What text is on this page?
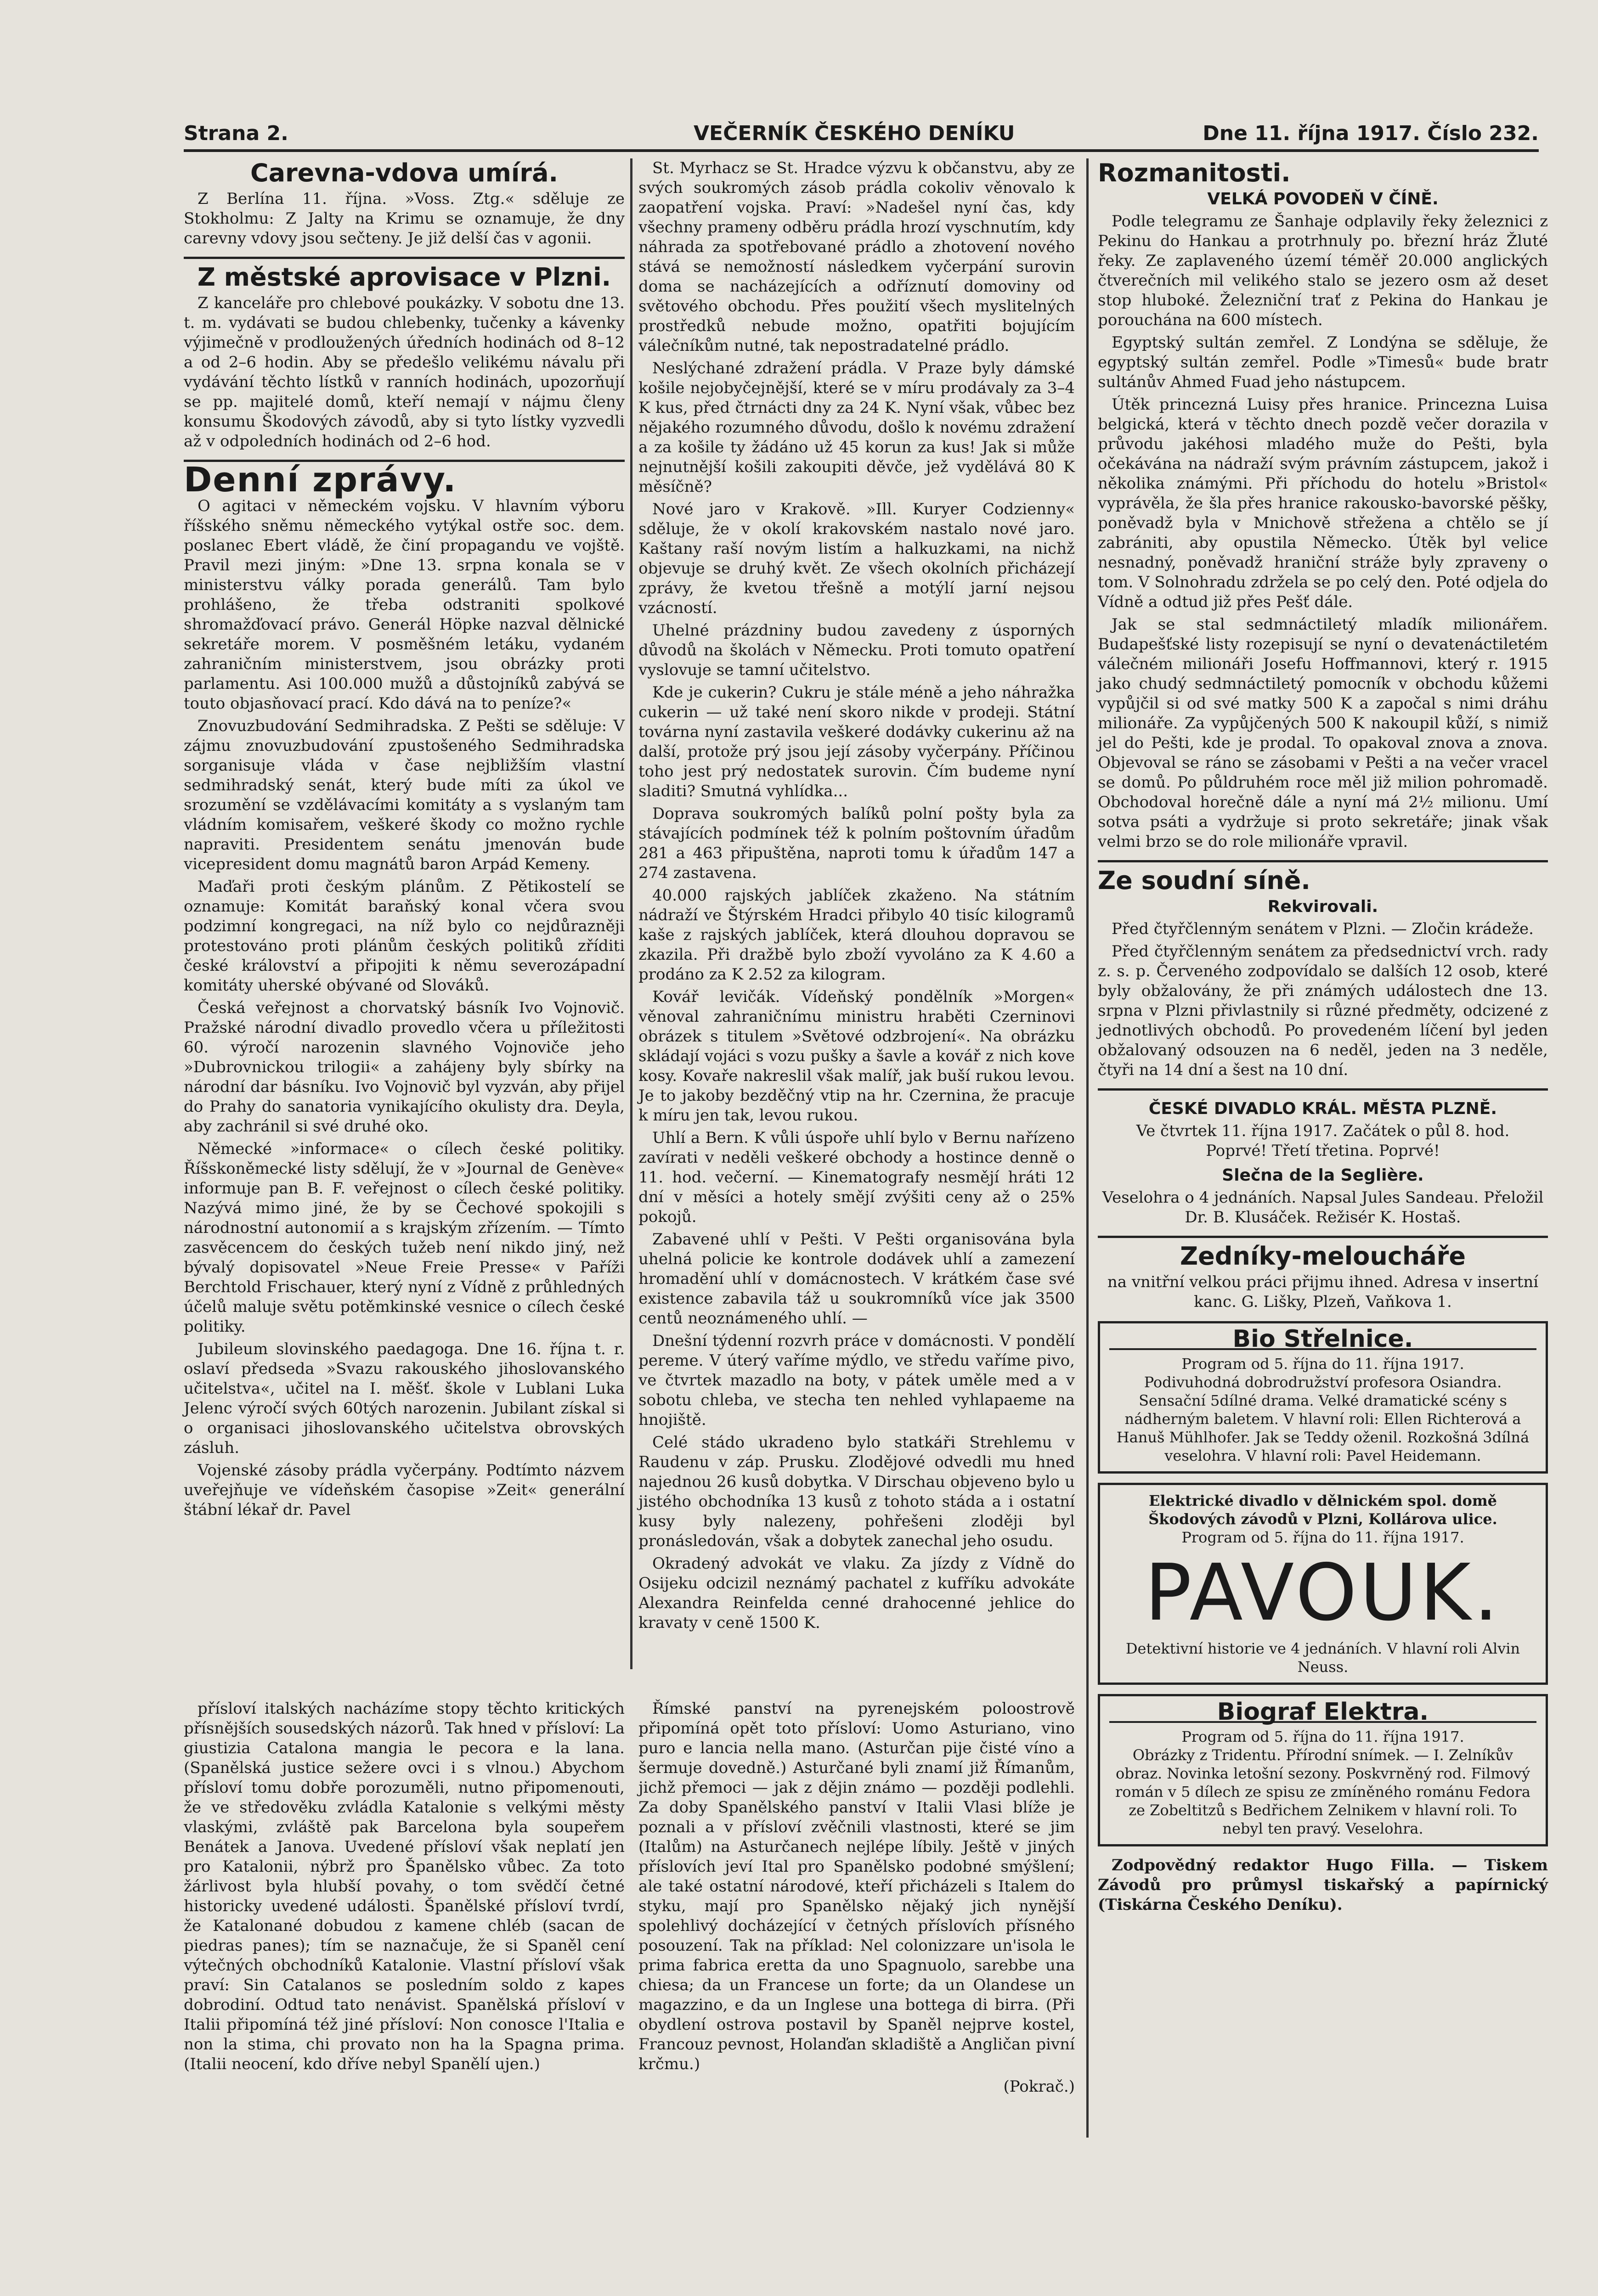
Strana 2.	VEČERNÍK ČESKÉHO DENÍKU	Dne 11. října 1917. Číslo 232.
Carevna-vdova umírá.

Z Berlína 11. října. »Voss. Ztg.« sděluje ze Stokholmu: Z Jalty na Krimu se oznamuje, že dny carevny vdovy jsou sečteny. Je již delší čas v agonii.

Z městské aprovisace v Plzni.

Z kanceláře pro chlebové poukázky. V sobotu dne 13. t. m. vydávati se budou chlebenky, tučenky a kávenky výjimečně v prodloužených úředních hodinách od 8–12 a od 2–6 hodin. Aby se předešlo velikému návalu při vydávání těchto lístků v ranních hodinách, upozorňují se pp. majitelé domů, kteří nemají v nájmu členy konsumu Škodových závodů, aby si tyto lístky vyzvedli až v odpoledních hodinách od 2–6 hod.

Denní zprávy.

O agitaci v německém vojsku. V hlavním výboru říšského sněmu německého vytýkal ostře soc. dem. poslanec Ebert vládě, že činí propagandu ve vojště. Pravil mezi jiným: »Dne 13. srpna konala se v ministerstvu války porada generálů. Tam bylo prohlášeno, že třeba odstraniti spolkové shromažďovací právo. Generál Höpke nazval dělnické sekretáře morem. V posměšném letáku, vydaném zahraničním ministerstvem, jsou obrázky proti parlamentu. Asi 100.000 mužů a důstojníků zabývá se touto objasňovací prací. Kdo dává na to peníze?«

Znovuzbudování Sedmihradska. Z Pešti se sděluje: V zájmu znovuzbudování zpustošeného Sedmihradska sorganisuje vláda v čase nejbližším vlastní sedmihradský senát, který bude míti za úkol ve srozumění se vzdělávacími komitáty a s vyslaným tam vládním komisařem, veškeré škody co možno rychle napraviti. Presidentem senátu jmenován bude vicepresident domu magnátů baron Arpád Kemeny.

Maďaři proti českým plánům. Z Pětikostelí se oznamuje: Komitát baraňský konal včera svou podzimní kongregaci, na níž bylo co nejdůrazněji protestováno proti plánům českých politiků zříditi české království a připojiti k němu severozápadní komitáty uherské obývané od Slováků.

Česká veřejnost a chorvatský básník Ivo Vojnovič. Pražské národní divadlo provedlo včera u příležitosti 60. výročí narozenin slavného Vojnoviče jeho »Dubrovnickou trilogii« a zahájeny byly sbírky na národní dar básníku. Ivo Vojnovič byl vyzván, aby přijel do Prahy do sanatoria vynikajícího okulisty dra. Deyla, aby zachránil si své druhé oko.

Německé »informace« o cílech české politiky. Říšskoněmecké listy sdělují, že v »Journal de Genève« informuje pan B. F. veřejnost o cílech české politiky. Nazývá mimo jiné, že by se Čechové spokojili s národnostní autonomií a s krajským zřízením. — Tímto zasvěcencem do českých tužeb není nikdo jiný, než bývalý dopisovatel »Neue Freie Presse« v Paříži Berchtold Frischauer, který nyní z Vídně z průhledných účelů maluje světu potěmkinské vesnice o cílech české politiky.

Jubileum slovinského paedagoga. Dne 16. října t. r. oslaví předseda »Svazu rakouského jihoslovanského učitelstva«, učitel na I. měšť. škole v Lublani Luka Jelenc výročí svých 60tých narozenin. Jubilant získal si o organisaci jihoslovanského učitelstva obrovských zásluh.

Vojenské zásoby prádla vyčerpány. Podtímto názvem uveřejňuje ve vídeňském časopise »Zeit« generální štábní lékař dr. Pavel

St. Myrhacz se St. Hradce výzvu k občanstvu, aby ze svých soukromých zásob prádla cokoliv věnovalo k zaopatření vojska. Praví: »Nadešel nyní čas, kdy všechny prameny odběru prádla hrozí vyschnutím, kdy náhrada za spotřebované prádlo a zhotovení nového stává se nemožností následkem vyčerpání surovin doma se nacházejících a odříznutí domoviny od světového obchodu. Přes použití všech myslitelných prostředků nebude možno, opatřiti bojujícím válečníkům nutné, tak nepostradatelné prádlo.

Neslýchané zdražení prádla. V Praze byly dámské košile nejobyčejnější, které se v míru prodávaly za 3–4 K kus, před čtrnácti dny za 24 K. Nyní však, vůbec bez nějakého rozumného důvodu, došlo k novému zdražení a za košile ty žádáno už 45 korun za kus! Jak si může nejnutnější košili zakoupiti děvče, jež vydělává 80 K měsíčně?

Nové jaro v Krakově. »Ill. Kuryer Codzienny« sděluje, že v okolí krakovském nastalo nové jaro. Kaštany raší novým listím a halkuzkami, na nichž objevuje se druhý květ. Ze všech okolních přicházejí zprávy, že kvetou třešně a motýlí jarní nejsou vzácností.

Uhelné prázdniny budou zavedeny z úsporných důvodů na školách v Německu. Proti tomuto opatření vyslovuje se tamní učitelstvo.

Kde je cukerin? Cukru je stále méně a jeho náhražka cukerin — už také není skoro nikde v prodeji. Státní továrna nyní zastavila veškeré dodávky cukerinu až na další, protože prý jsou její zásoby vyčerpány. Příčinou toho jest prý nedostatek surovin. Čím budeme nyní sladiti? Smutná vyhlídka...

Doprava soukromých balíků polní pošty byla za stávajících podmínek též k polním poštovním úřadům 281 a 463 připuštěna, naproti tomu k úřadům 147 a 274 zastavena.

40.000 rajských jablíček zkaženo. Na státním nádraží ve Štýrském Hradci přibylo 40 tisíc kilogramů kaše z rajských jablíček, která dlouhou dopravou se zkazila. Při dražbě bylo zboží vyvoláno za K 4.60 a prodáno za K 2.52 za kilogram.

Kovář levičák. Vídeňský pondělník »Morgen« věnoval zahraničnímu ministru hraběti Czerninovi obrázek s titulem »Světové odzbrojení«. Na obrázku skládají vojáci s vozu pušky a šavle a kovář z nich kove kosy. Kovaře nakreslil však malíř, jak buší rukou levou. Je to jakoby bezděčný vtip na hr. Czernina, že pracuje k míru jen tak, levou rukou.

Uhlí a Bern. K vůli úspoře uhlí bylo v Bernu nařízeno zavírati v neděli veškeré obchody a hostince denně o 11. hod. večerní. — Kinematografy nesmějí hráti 12 dní v měsíci a hotely smějí zvýšiti ceny až o 25% pokojů.

Zabavené uhlí v Pešti. V Pešti organisována byla uhelná policie ke kontrole dodávek uhlí a zamezení hromadění uhlí v domácnostech. V krátkém čase své existence zabavila táž u soukromníků více jak 3500 centů neoznámeného uhlí. —

Dnešní týdenní rozvrh práce v domácnosti. V pondělí pereme. V úterý vaříme mýdlo, ve středu vaříme pivo, ve čtvrtek mazadlo na boty, v pátek uměle med a v sobotu chleba, ve stecha ten nehled vyhlapaeme na hnojiště.

Celé stádo ukradeno bylo statkáři Strehlemu v Raudenu v záp. Prusku. Zlodějové odvedli mu hned najednou 26 kusů dobytka. V Dirschau objeveno bylo u jistého obchodníka 13 kusů z tohoto stáda a i ostatní kusy byly nalezeny, pohřešeni zloději byl pronásledován, však a dobytek zanechal jeho osudu.

Okradený advokát ve vlaku. Za jízdy z Vídně do Osijeku odcizil neznámý pachatel z kufříku advokáte Alexandra Reinfelda cenné drahocenné jehlice do kravaty v ceně 1500 K.

Rozmanitosti.
VELKÁ POVODEŇ V ČÍNĚ.

Podle telegramu ze Šanhaje odplavily řeky železnici z Pekinu do Hankau a protrhnuly po. březní hráz Žluté řeky. Ze zaplaveného území téměř 20.000 anglických čtverečních mil velikého stalo se jezero osm až deset stop hluboké. Železniční trať z Pekina do Hankau je porouchána na 600 místech.

Egyptský sultán zemřel. Z Londýna se sděluje, že egyptský sultán zemřel. Podle »Timesů« bude bratr sultánův Ahmed Fuad jeho nástupcem.

Útěk princezná Luisy přes hranice. Princezna Luisa belgická, která v těchto dnech pozdě večer dorazila v průvodu jakéhosi mladého muže do Pešti, byla očekávána na nádraží svým právním zástupcem, jakož i několika známými. Při příchodu do hotelu »Bristol« vyprávěla, že šla přes hranice rakousko-bavorské pěšky, poněvadž byla v Mnichově střežena a chtělo se jí zabrániti, aby opustila Německo. Útěk byl velice nesnadný, poněvadž hraniční stráže byly zpraveny o tom. V Solnohradu zdržela se po celý den. Poté odjela do Vídně a odtud již přes Pešť dále.

Jak se stal sedmnáctiletý mladík milionářem. Budapešťské listy rozepisují se nyní o devatenáctiletém válečném milionáři Josefu Hoffmannovi, který r. 1915 jako chudý sedmnáctiletý pomocník v obchodu kůžemi vypůjčil si od své matky 500 K a započal s nimi dráhu milionáře. Za vypůjčených 500 K nakoupil kůží, s nimiž jel do Pešti, kde je prodal. To opakoval znova a znova. Objevoval se ráno se zásobami v Pešti a na večer vracel se domů. Po půldruhém roce měl již milion pohromadě. Obchodoval horečně dále a nyní má 2½ milionu. Umí sotva psáti a vydržuje si proto sekretáře; jinak však velmi brzo se do role milionáře vpravil.

Ze soudní síně.
Rekvirovali.

Před čtyřčlenným senátem v Plzni. — Zločin krádeže.

Před čtyřčlenným senátem za předsednictví vrch. rady z. s. p. Červeného zodpovídalo se dalších 12 osob, které byly obžalovány, že při známých událostech dne 13. srpna v Plzni přivlastnily si různé předměty, odcizené z jednotlivých obchodů. Po provedeném líčení byl jeden obžalovaný odsouzen na 6 neděl, jeden na 3 neděle, čtyři na 14 dní a šest na 10 dní.

ČESKÉ DIVADLO KRÁL. MĚSTA PLZNĚ.
Ve čtvrtek 11. října 1917. Začátek o půl 8. hod.
Poprvé! Třetí třetina. Poprvé!
Slečna de la Seglière.
Veselohra o 4 jednáních. Napsal Jules Sandeau. Přeložil Dr. B. Klusáček. Režisér K. Hostaš.
Zedníky-meloucháře
na vnitřní velkou práci přijmu ihned. Adresa v insertní kanc. G. Lišky, Plzeň, Vaňkova 1.
Bio Střelnice.
Program od 5. října do 11. října 1917.
Podivuhodná dobrodružství profesora Osiandra. Sensační 5dílné drama. Velké dramatické scény s nádherným baletem. V hlavní roli: Ellen Richterová a Hanuš Mühlhofer. Jak se Teddy oženil. Rozkošná 3dílná veselohra. V hlavní roli: Pavel Heidemann.
Elektrické divadlo v dělnickém spol. domě Škodových závodů v Plzni, Kollárova ulice.
Program od 5. října do 11. října 1917.
PAVOUK.
Detektivní historie ve 4 jednáních. V hlavní roli Alvin Neuss.
Biograf Elektra.
Program od 5. října do 11. října 1917.
Obrázky z Tridentu. Přírodní snímek. — I. Zelníkův obraz. Novinka letošní sezony. Poskvrněný rod. Filmový román v 5 dílech ze spisu ze zmíněného románu Fedora ze Zobeltitzů s Bedřichem Zelnikem v hlavní roli. To nebyl ten pravý. Veselohra.

Zodpovědný redaktor Hugo Filla. — Tiskem Závodů pro průmysl tiskařský a papírnický (Tiskárna Českého Deníku).

přísloví italských nacházíme stopy těchto kritických přísnějších sousedských názorů. Tak hned v přísloví: La giustizia Catalona mangia le pecora e la lana. (Spanělská justice sežere ovci i s vlnou.) Abychom přísloví tomu dobře porozuměli, nutno připomenouti, že ve středověku zvládla Katalonie s velkými městy vlaskými, zvláště pak Barcelona byla soupeřem Benátek a Janova. Uvedené přísloví však neplatí jen pro Katalonii, nýbrž pro Španělsko vůbec. Za toto žárlivost byla hlubší povahy, o tom svědčí četné historicky uvedené události. Španělské přísloví tvrdí, že Katalonané dobudou z kamene chléb (sacan de piedras panes); tím se naznačuje, že si Spaněl cení výtečných obchodníků Katalonie. Vlastní přísloví však praví: Sin Catalanos se posledním soldo z kapes dobrodiní. Odtud tato nenávist. Spanělská přísloví v Italii připomíná též jiné přísloví: Non conosce l'Italia e non la stima, chi provato non ha la Spagna prima. (Italii neocení, kdo dříve nebyl Spanělí ujen.)

Římské panství na pyrenejském poloostrově připomíná opět toto přísloví: Uomo Asturiano, vino puro e lancia nella mano. (Asturčan pije čisté víno a šermuje dovedně.) Asturčané byli znamí již Římanům, jichž přemoci — jak z dějin známo — později podlehli. Za doby Spanělského panství v Italii Vlasi blíže je poznali a v přísloví zvěčnili vlastnosti, které se jim (Italům) na Asturčanech nejlépe líbily. Ještě v jiných příslovích jeví Ital pro Spanělsko podobné smýšlení; ale také ostatní národové, kteří přicházeli s Italem do styku, mají pro Spanělsko nějaký jich nynější spolehlivý docházející v četných příslovích přísného posouzení. Tak na příklad: Nel colonizzare un'isola le prima fabrica eretta da uno Spagnuolo, sarebbe una chiesa; da un Francese un forte; da un Olandese un magazzino, e da un Inglese una bottega di birra. (Při obydlení ostrova postavil by Spaněl nejprve kostel, Francouz pevnost, Holanďan skladiště a Angličan pivní krčmu.)

(Pokrač.)
